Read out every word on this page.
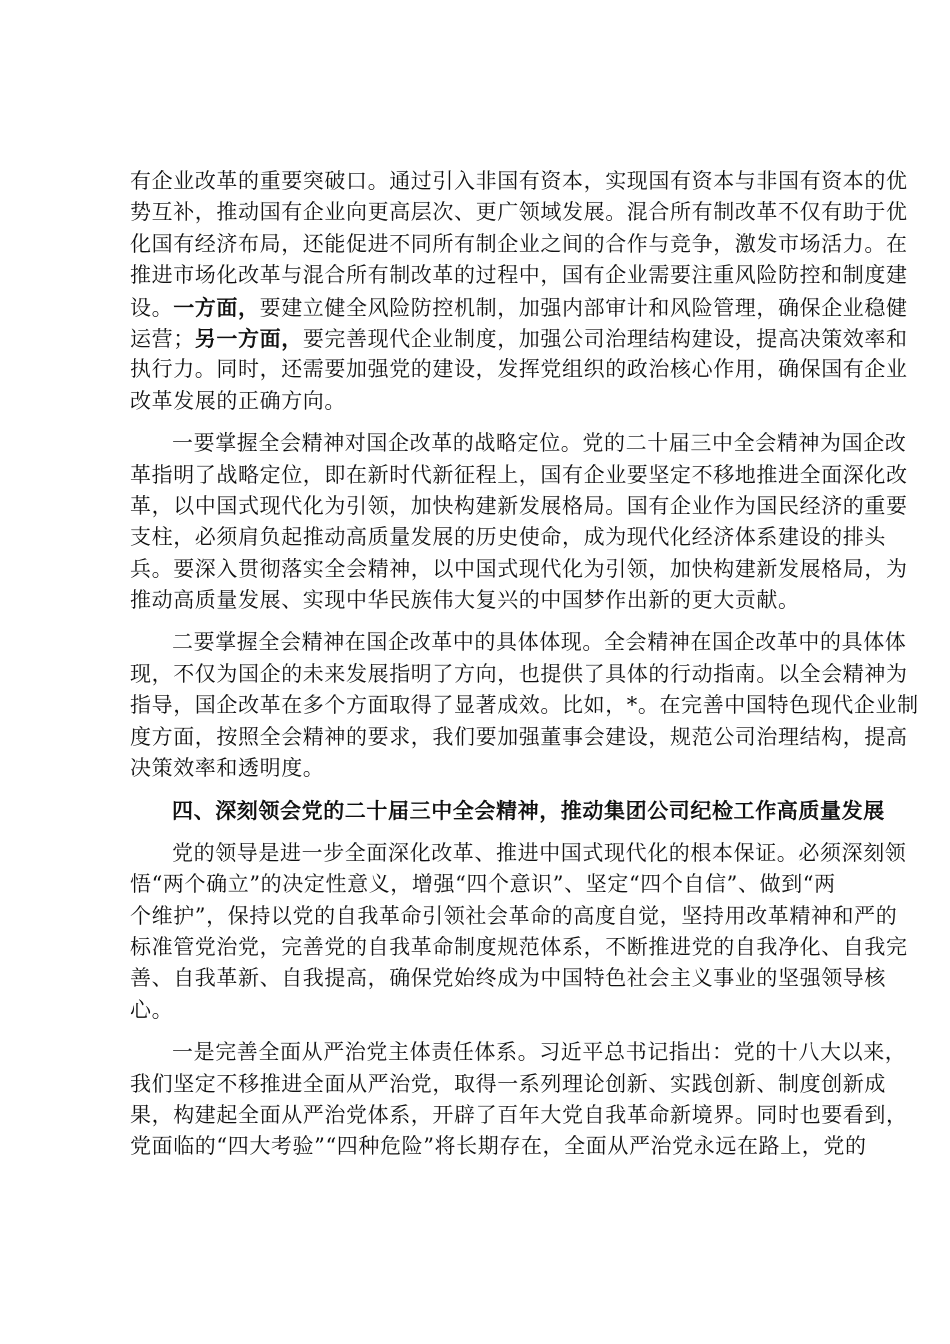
有企业改革的重要突破口。通过引入非国有资本，实现国有资本与非国有资本的优
势互补，推动国有企业向更高层次、更广领域发展。混合所有制改革不仅有助于优
化国有经济布局，还能促进不同所有制企业之间的合作与竞争，激发市场活力。在
推进市场化改革与混合所有制改革的过程中，国有企业需要注重风险防控和制度建
设。一方面，要建立健全风险防控机制，加强内部审计和风险管理，确保企业稳健
运营；另一方面，要完善现代企业制度，加强公司治理结构建设，提高决策效率和
执行力。同时，还需要加强党的建设，发挥党组织的政治核心作用，确保国有企业
改革发展的正确方向。
一要掌握全会精神对国企改革的战略定位。党的二十届三中全会精神为国企改
革指明了战略定位，即在新时代新征程上，国有企业要坚定不移地推进全面深化改
革，以中国式现代化为引领，加快构建新发展格局。国有企业作为国民经济的重要
支柱，必须肩负起推动高质量发展的历史使命，成为现代化经济体系建设的排头
兵。要深入贯彻落实全会精神，以中国式现代化为引领，加快构建新发展格局，为
推动高质量发展、实现中华民族伟大复兴的中国梦作出新的更大贡献。
二要掌握全会精神在国企改革中的具体体现。全会精神在国企改革中的具体体
现，不仅为国企的未来发展指明了方向，也提供了具体的行动指南。以全会精神为
指导，国企改革在多个方面取得了显著成效。比如，*。在完善中国特色现代企业制
度方面，按照全会精神的要求，我们要加强董事会建设，规范公司治理结构，提高
决策效率和透明度。
四、深刻领会党的二十届三中全会精神，推动集团公司纪检工作高质量发展
党的领导是进一步全面深化改革、推进中国式现代化的根本保证。必须深刻领
悟“两个确立”的决定性意义，增强“四个意识”、坚定“四个自信”、做到“两
个维护”，保持以党的自我革命引领社会革命的高度自觉，坚持用改革精神和严的
标准管党治党，完善党的自我革命制度规范体系，不断推进党的自我净化、自我完
善、自我革新、自我提高，确保党始终成为中国特色社会主义事业的坚强领导核
心。
一是完善全面从严治党主体责任体系。习近平总书记指出：党的十八大以来，
我们坚定不移推进全面从严治党，取得一系列理论创新、实践创新、制度创新成
果，构建起全面从严治党体系，开辟了百年大党自我革命新境界。同时也要看到，
党面临的“四大考验”“四种危险”将长期存在，全面从严治党永远在路上，党的
